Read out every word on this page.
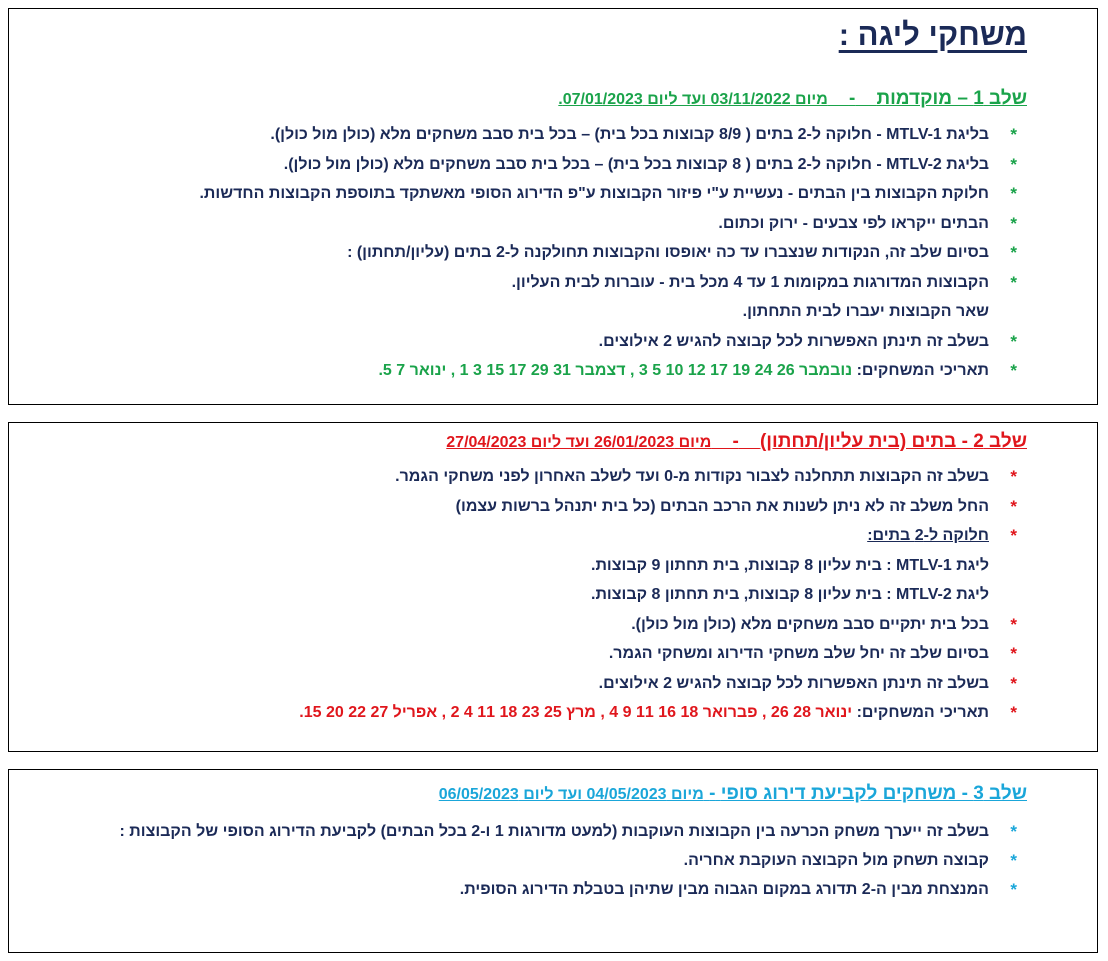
משחקי ליגה :

שלב 1 – מוקדמות    -    מיום 03/11/2022 ועד ליום 07/01/2023.

*
בליגת MTLV-1 - חלוקה ל-2 בתים ( 8/9 קבוצות בכל בית) – בכל בית סבב משחקים מלא (כולן מול כולן).
*
בליגת MTLV-2 - חלוקה ל-2 בתים ( 8 קבוצות בכל בית) – בכל בית סבב משחקים מלא (כולן מול כולן).
*
חלוקת הקבוצות בין הבתים - נעשיית ע"י פיזור הקבוצות ע"פ הדירוג הסופי מאשתקד בתוספת הקבוצות החדשות.
*
הבתים ייקראו לפי צבעים - ירוק וכתום.
*
בסיום שלב זה, הנקודות שנצברו עד כה יאופסו והקבוצות תחולקנה ל-2 בתים (עליון/תחתון) :
*
הקבוצות המדורגות במקומות 1 עד 4 מכל בית - עוברות לבית העליון.
שאר הקבוצות יעברו לבית התחתון.
*
בשלב זה תינתן האפשרות לכל קבוצה להגיש 2 אילוצים.
*
תאריכי המשחקים: נובמבר 26 24 19 17 12 10 5 3 , דצמבר 31 29 17 15 3 1 , ינואר 7 5.

שלב 2 - בתים (בית עליון/תחתון)    -    מיום 26/01/2023 ועד ליום 27/04/2023

*
בשלב זה הקבוצות תתחלנה לצבור נקודות מ-0 ועד לשלב האחרון לפני משחקי הגמר.
*
החל משלב זה לא ניתן לשנות את הרכב הבתים (כל בית יתנהל ברשות עצמו)
*
חלוקה ל-2 בתים:
ליגת MTLV-1 : בית עליון 8 קבוצות, בית תחתון 9 קבוצות.
ליגת MTLV-2 : בית עליון 8 קבוצות, בית תחתון 8 קבוצות.
*
בכל בית יתקיים סבב משחקים מלא (כולן מול כולן).
*
בסיום שלב זה יחל שלב משחקי הדירוג ומשחקי הגמר.
*
בשלב זה תינתן האפשרות לכל קבוצה להגיש 2 אילוצים.
*
תאריכי המשחקים: ינואר 28 26 , פברואר 18 16 11 9 4 , מרץ 25 23 18 11 4 2 , אפריל 27 22 20 15.

שלב 3 - משחקים לקביעת דירוג סופי - מיום 04/05/2023 ועד ליום 06/05/2023

*
בשלב זה ייערך משחק הכרעה בין הקבוצות העוקבות (למעט מדורגות 1 ו-2 בכל הבתים) לקביעת הדירוג הסופי של הקבוצות :
*
קבוצה תשחק מול הקבוצה העוקבת אחריה.
*
המנצחת מבין ה-2 תדורג במקום הגבוה מבין שתיהן בטבלת הדירוג הסופית.
